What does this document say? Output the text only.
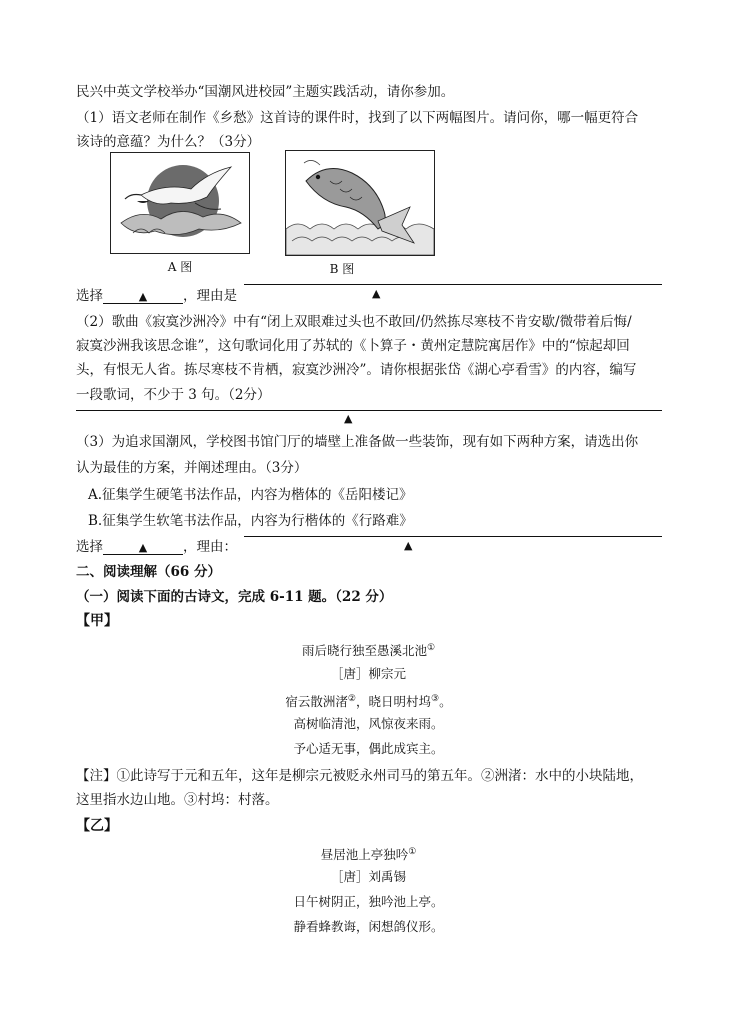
民兴中英文学校举办“国潮风进校园”主题实践活动，请你参加。
（1）语文老师在制作《乡愁》这首诗的课件时，找到了以下两幅图片。请问你，哪一幅更符合
该诗的意蕴？为什么？（3分）
A 图	B 图
选择	▲	，理由是	▲
（2）歌曲《寂寞沙洲冷》中有“闭上双眼难过头也不敢回/仍然拣尽寒枝不肯安歇/微带着后悔/
寂寞沙洲我该思念谁”，这句歌词化用了苏轼的《卜算子・黄州定慧院寓居作》中的“惊起却回
头，有恨无人省。拣尽寒枝不肯栖，寂寞沙洲冷”。请你根据张岱《湖心亭看雪》的内容，编写
一段歌词，不少于 3 句。（2分）
▲
（3）为追求国潮风，学校图书馆门厅的墙壁上准备做一些装饰，现有如下两种方案，请选出你
认为最佳的方案，并阐述理由。（3分）
A.征集学生硬笔书法作品，内容为楷体的《岳阳楼记》
B.征集学生软笔书法作品，内容为行楷体的《行路难》
选择	▲	，理由：	▲
二、阅读理解（66 分）
（一）阅读下面的古诗文，完成 6-11 题。（22 分）
【甲】
雨后晓行独至愚溪北池①
［唐］柳宗元
宿云散洲渚②，晓日明村坞③。
高树临清池，风惊夜来雨。
予心适无事，偶此成宾主。
【注】①此诗写于元和五年，这年是柳宗元被贬永州司马的第五年。②洲渚：水中的小块陆地，
这里指水边山地。③村坞：村落。
【乙】
昼居池上亭独吟①
［唐］刘禹锡
日午树阴正，独吟池上亭。
静看蜂教诲，闲想鸽仪形。
